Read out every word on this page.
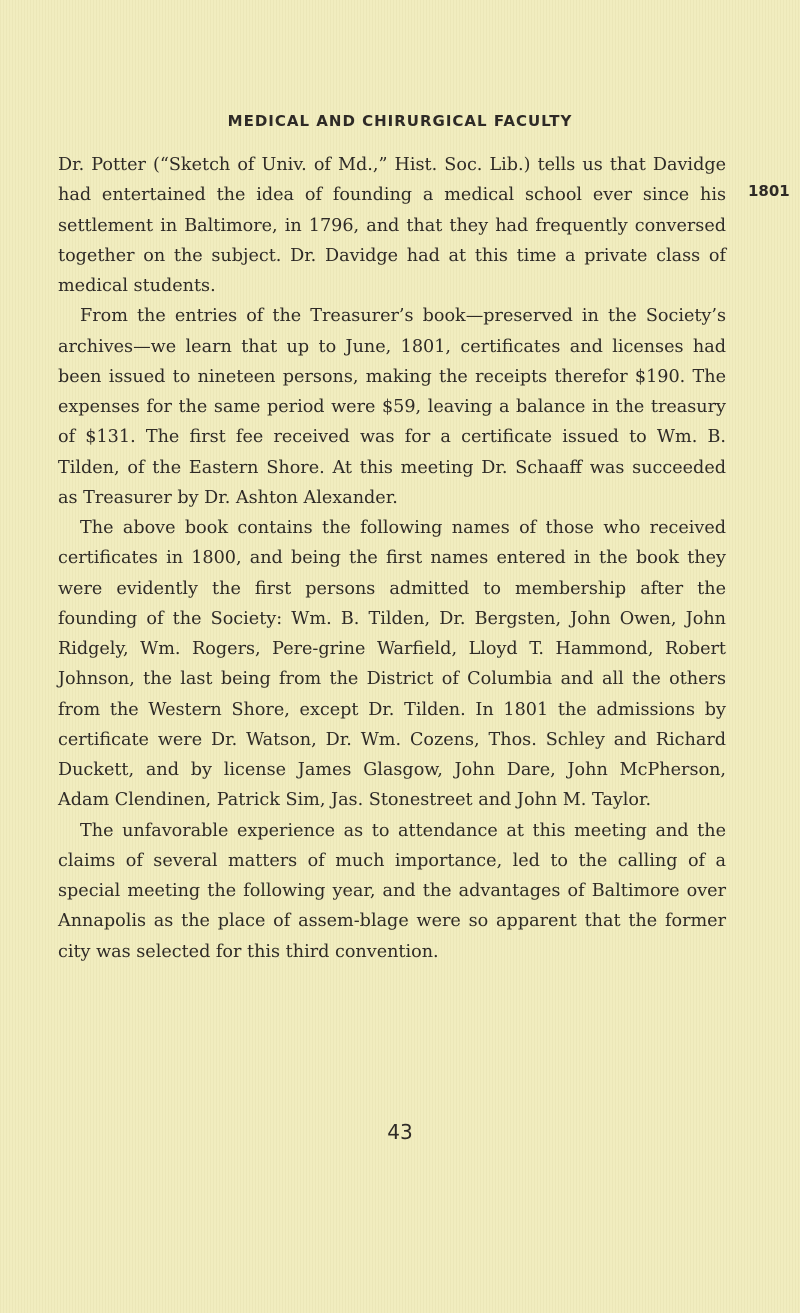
MEDICAL AND CHIRURGICAL FACULTY
1801

Dr. Potter (“Sketch of Univ. of Md.,” Hist. Soc. Lib.) tells us that Davidge had entertained the idea of founding a medical school ever since his settlement in Baltimore, in 1796, and that they had frequently conversed together on the subject. Dr. Davidge had at this time a private class of medical students.

From the entries of the Treasurer’s book—preserved in the Society’s archives—we learn that up to June, 1801, certificates and licenses had been issued to nineteen persons, making the receipts therefor $190. The expenses for the same period were $59, leaving a balance in the treasury of $131. The first fee received was for a certificate issued to Wm. B. Tilden, of the Eastern Shore. At this meeting Dr. Schaaff was succeeded as Treasurer by Dr. Ashton Alexander.

The above book contains the following names of those who received certificates in 1800, and being the first names entered in the book they were evidently the first persons admitted to membership after the founding of the Society: Wm. B. Tilden, Dr. Bergsten, John Owen, John Ridgely, Wm. Rogers, Pere-grine Warfield, Lloyd T. Hammond, Robert Johnson, the last being from the District of Columbia and all the others from the Western Shore, except Dr. Tilden. In 1801 the admissions by certificate were Dr. Watson, Dr. Wm. Cozens, Thos. Schley and Richard Duckett, and by license James Glasgow, John Dare, John McPherson, Adam Clendinen, Patrick Sim, Jas. Stonestreet and John M. Taylor.

The unfavorable experience as to attendance at this meeting and the claims of several matters of much importance, led to the calling of a special meeting the following year, and the advantages of Baltimore over Annapolis as the place of assem-blage were so apparent that the former city was selected for this third convention.

43
